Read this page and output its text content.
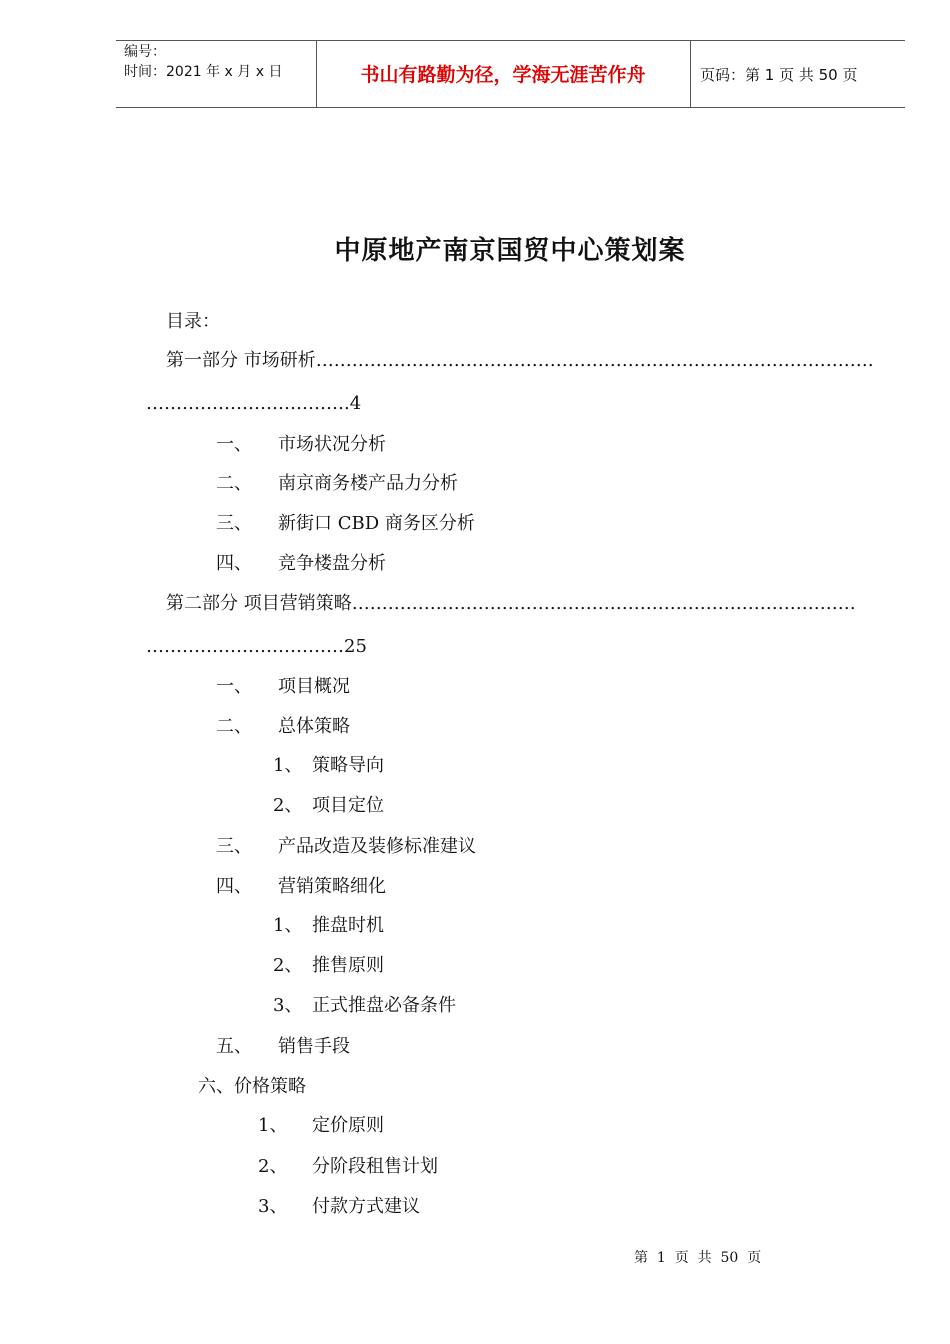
编号：
时间：2021 年 x 月 x 日	书山有路勤为径，学海无涯苦作舟	页码：第 1 页 共 50 页
中原地产南京国贸中心策划案
目录：
第一部分 市场研析…………………………………………………………………………………
…………………………….4
一、 市场状况分析
二、 南京商务楼产品力分析
三、 新街口 CBD 商务区分析
四、 竞争楼盘分析
第二部分 项目营销策略…………………………………………………………………………
……………………………25
一、 项目概况
二、 总体策略
1、 策略导向
2、 项目定位
三、 产品改造及装修标准建议
四、 营销策略细化
1、 推盘时机
2、 推售原则
3、 正式推盘必备条件
五、 销售手段
六、价格策略
1、 定价原则
2、 分阶段租售计划
3、 付款方式建议
第  1  页  共  50  页
